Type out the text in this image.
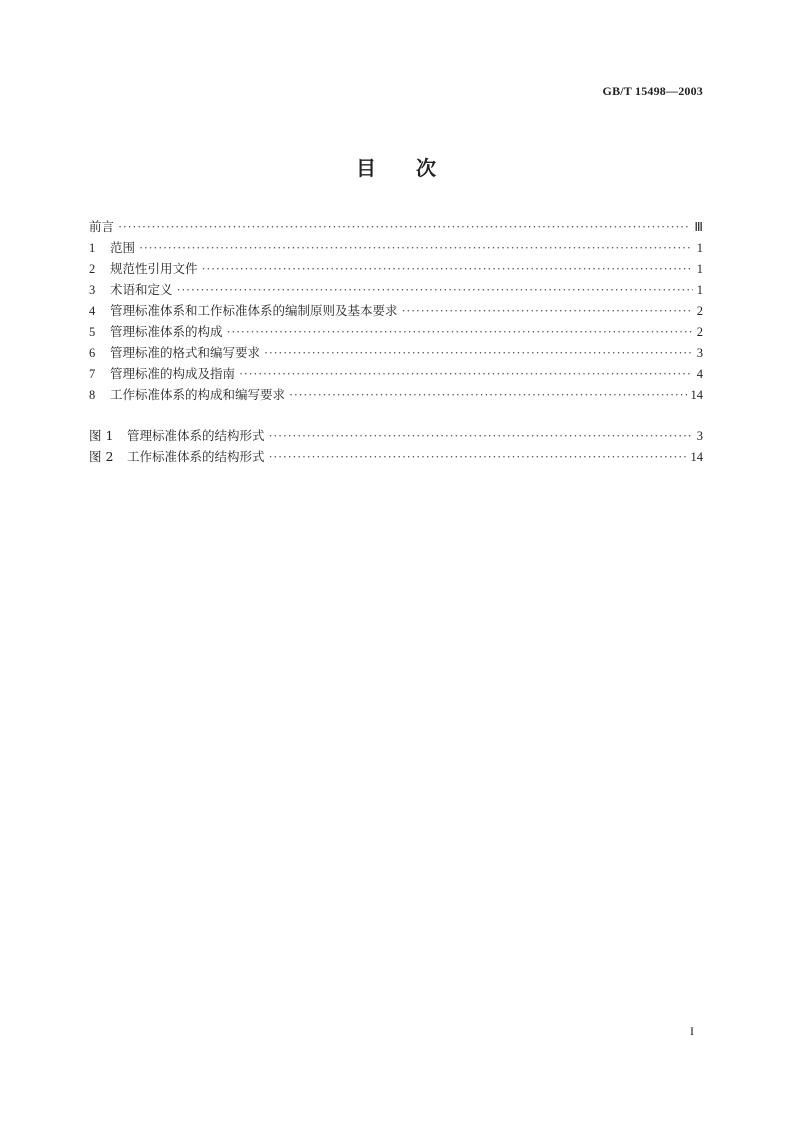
GB/T 15498—2003
目 次
前言 ·····	Ⅲ
1	范围 ·····	1
2	规范性引用文件 ·····	1
3	术语和定义 ·····	1
4	管理标准体系和工作标准体系的编制原则及基本要求 ·····	2
5	管理标准体系的构成 ·····	2
6	管理标准的格式和编写要求 ·····	3
7	管理标准的构成及指南 ·····	4
8	工作标准体系的构成和编写要求 ·····	14
图 1	管理标准体系的结构形式 ·····	3
图 2	工作标准体系的结构形式 ·····	14
I
